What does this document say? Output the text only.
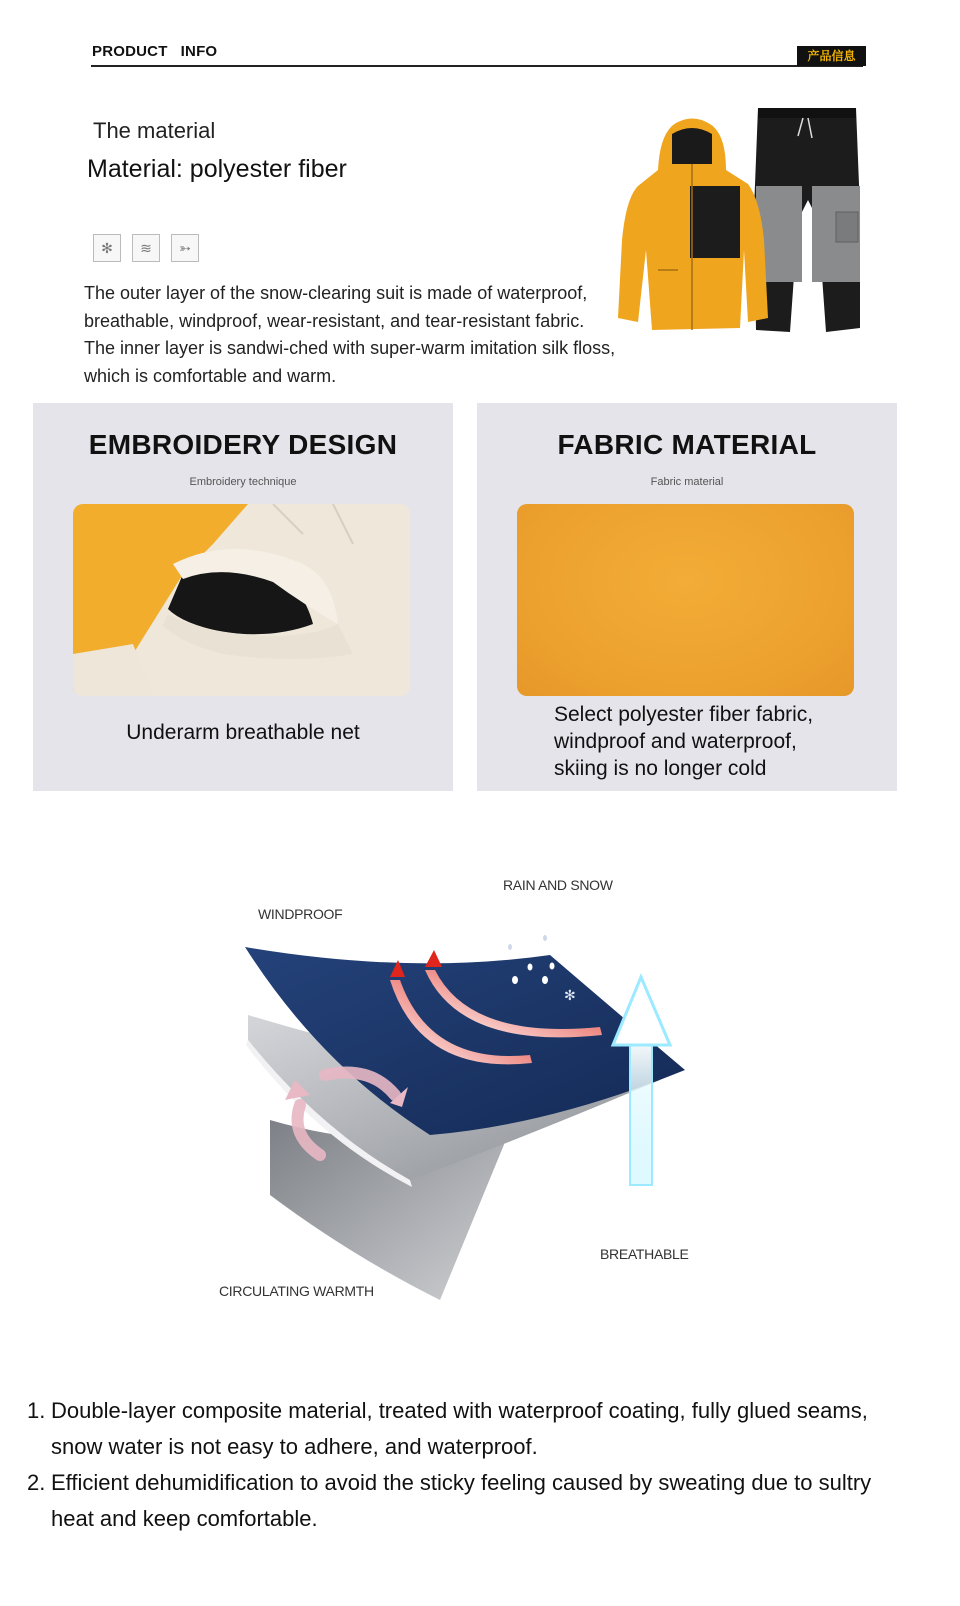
PRODUCT   INFO	产品信息
The material
Material: polyester fiber
✻	≋	➳
The outer layer of the snow-clearing suit is made of waterproof,
breathable, windproof, wear-resistant, and tear-resistant fabric.
The inner layer is sandwi-ched with super-warm imitation silk floss,
which is comfortable and warm.
EMBROIDERY DESIGN
Embroidery technique
Underarm breathable net
FABRIC MATERIAL
Fabric material
Select polyester fiber fabric,
windproof and waterproof,
skiing is no longer cold
RAIN AND SNOW
WINDPROOF
BREATHABLE
CIRCULATING WARMTH
✻
1. Double-layer composite material, treated with waterproof coating, fully glued seams,
snow water is not easy to adhere, and waterproof.
2. Efficient dehumidification to avoid the sticky feeling caused by sweating due to sultry
heat and keep comfortable.
